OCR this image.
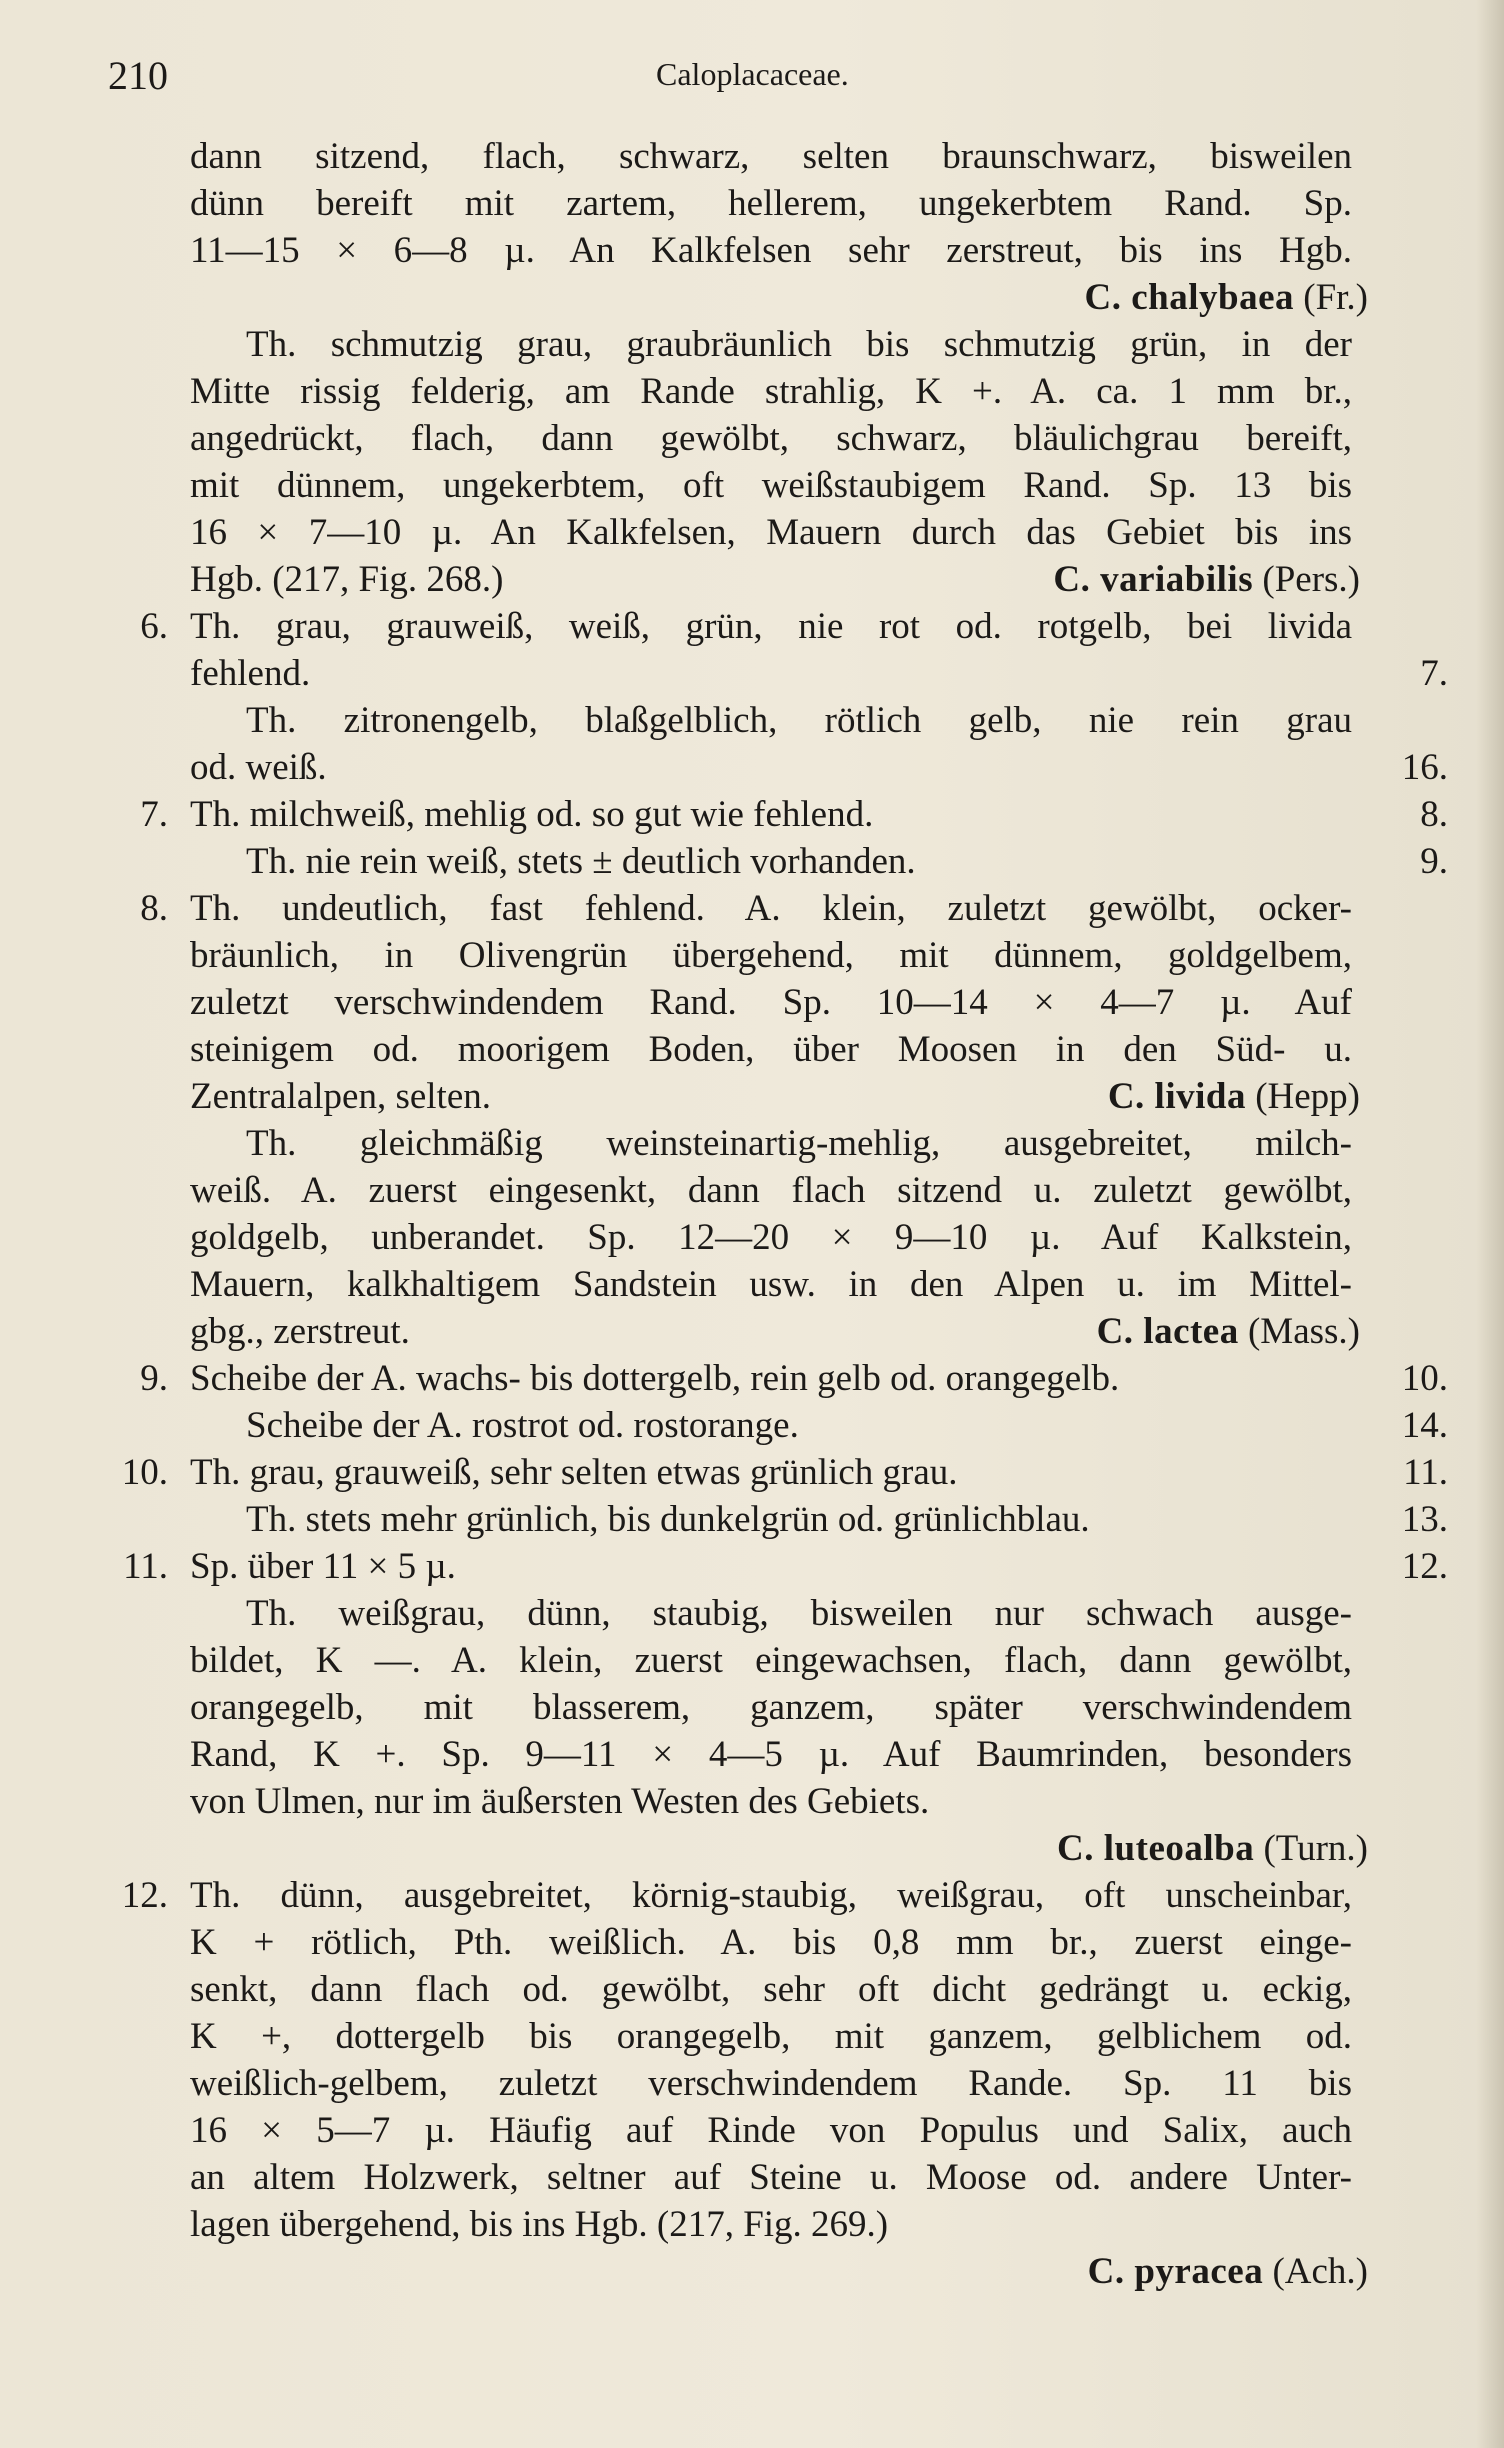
210	Caloplacaceae.
dann sitzend, flach, schwarz, selten braunschwarz, bisweilen
dünn bereift mit zartem, hellerem, ungekerbtem Rand. Sp.
11—15 × 6—8 µ. An Kalkfelsen sehr zerstreut, bis ins Hgb.
C. chalybaea (Fr.)
Th. schmutzig grau, graubräunlich bis schmutzig grün, in der
Mitte rissig felderig, am Rande strahlig, K +. A. ca. 1 mm br.,
angedrückt, flach, dann gewölbt, schwarz, bläulichgrau bereift,
mit dünnem, ungekerbtem, oft weißstaubigem Rand. Sp. 13 bis
16 × 7—10 µ. An Kalkfelsen, Mauern durch das Gebiet bis ins
Hgb. (217, Fig. 268.)	C. variabilis (Pers.)
6. Th. grau, grauweiß, weiß, grün, nie rot od. rotgelb, bei livida
fehlend.	7.
Th. zitronengelb, blaßgelblich, rötlich gelb, nie rein grau
od. weiß.	16.
7. Th. milchweiß, mehlig od. so gut wie fehlend.	8.
Th. nie rein weiß, stets ± deutlich vorhanden.	9.
8. Th. undeutlich, fast fehlend. A. klein, zuletzt gewölbt, ocker-
bräunlich, in Olivengrün übergehend, mit dünnem, goldgelbem,
zuletzt verschwindendem Rand. Sp. 10—14 × 4—7 µ. Auf
steinigem od. moorigem Boden, über Moosen in den Süd- u.
Zentralalpen, selten.	C. livida (Hepp)
Th. gleichmäßig weinsteinartig-mehlig, ausgebreitet, milch-
weiß. A. zuerst eingesenkt, dann flach sitzend u. zuletzt gewölbt,
goldgelb, unberandet. Sp. 12—20 × 9—10 µ. Auf Kalkstein,
Mauern, kalkhaltigem Sandstein usw. in den Alpen u. im Mittel-
gbg., zerstreut.	C. lactea (Mass.)
9. Scheibe der A. wachs- bis dottergelb, rein gelb od. orangegelb.	10.
Scheibe der A. rostrot od. rostorange.	14.
10. Th. grau, grauweiß, sehr selten etwas grünlich grau.	11.
Th. stets mehr grünlich, bis dunkelgrün od. grünlichblau.	13.
11. Sp. über 11 × 5 µ.	12.
Th. weißgrau, dünn, staubig, bisweilen nur schwach ausge-
bildet, K —. A. klein, zuerst eingewachsen, flach, dann gewölbt,
orangegelb, mit blasserem, ganzem, später verschwindendem
Rand, K +. Sp. 9—11 × 4—5 µ. Auf Baumrinden, besonders
von Ulmen, nur im äußersten Westen des Gebiets.
C. luteoalba (Turn.)
12. Th. dünn, ausgebreitet, körnig-staubig, weißgrau, oft unscheinbar,
K + rötlich, Pth. weißlich. A. bis 0,8 mm br., zuerst einge-
senkt, dann flach od. gewölbt, sehr oft dicht gedrängt u. eckig,
K +, dottergelb bis orangegelb, mit ganzem, gelblichem od.
weißlich-gelbem, zuletzt verschwindendem Rande. Sp. 11 bis
16 × 5—7 µ. Häufig auf Rinde von Populus und Salix, auch
an altem Holzwerk, seltner auf Steine u. Moose od. andere Unter-
lagen übergehend, bis ins Hgb. (217, Fig. 269.)
C. pyracea (Ach.)
